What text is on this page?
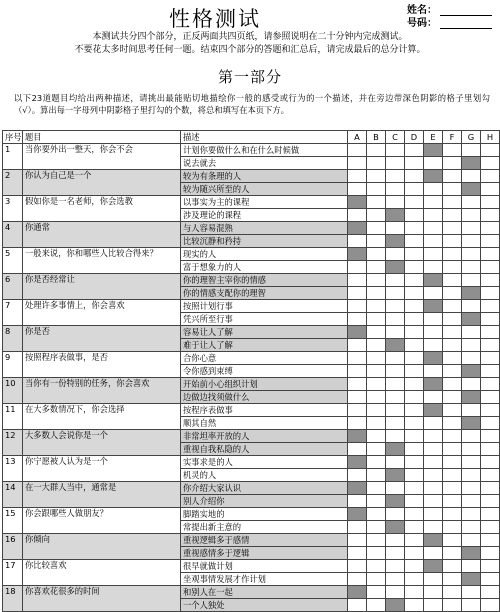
性格测试	姓名：
号码：
本测试共分四个部分，正反两面共四页纸，请参照说明在二十分钟内完成测试。
不要花太多时间思考任何一题。结束四个部分的答题和汇总后，请完成最后的总分计算。
第一部分
以下23道题目均给出两种描述，请挑出最能贴切地描绘你一般的感受或行为的一个描述，并在旁边带深色阴影的格子里划勾（√）。算出每一字母列中阴影格子里打勾的个数，将总和填写在本页下方。
序号	题目	描述	A	B	C	D	E	F	G	H
1	当你要外出一整天，你会不会	计划你要做什么和在什么时候做								
		说去就去								
2	你认为自己是一个	较为有条理的人								
		较为随兴所至的人								
3	假如你是一名老师，你会选教	以事实为主的课程								
		涉及理论的课程								
4	你通常	与人容易混熟								
		比较沉静和矜持								
5	一般来说，你和哪些人比较合得来？	现实的人								
		富于想象力的人								
6	你是否经常让	你的理智主宰你的情感								
		你的情感支配你的理智								
7	处理许多事情上，你会喜欢	按照计划行事								
		凭兴所至行事								
8	你是否	容易让人了解								
		难于让人了解								
9	按照程序表做事，是否	合你心意								
		令你感到束缚								
10	当你有一份特别的任务，你会喜欢	开始前小心组织计划								
		边做边找须做什么								
11	在大多数情况下，你会选择	按程序表做事								
		顺其自然								
12	大多数人会说你是一个	非常坦率开放的人								
		重视自我私隐的人								
13	你宁愿被人认为是一个	实事求是的人								
		机灵的人								
14	在一大群人当中，通常是	你介绍大家认识								
		别人介绍你								
15	你会跟哪些人做朋友？	脚踏实地的								
		常提出新主意的								
16	你倾向	重视逻辑多于感情								
		重视感情多于逻辑								
17	你比较喜欢	很早就做计划								
		坐观事情发展才作计划								
18	你喜欢花很多的时间	和别人在一起								
		一个人独处								
